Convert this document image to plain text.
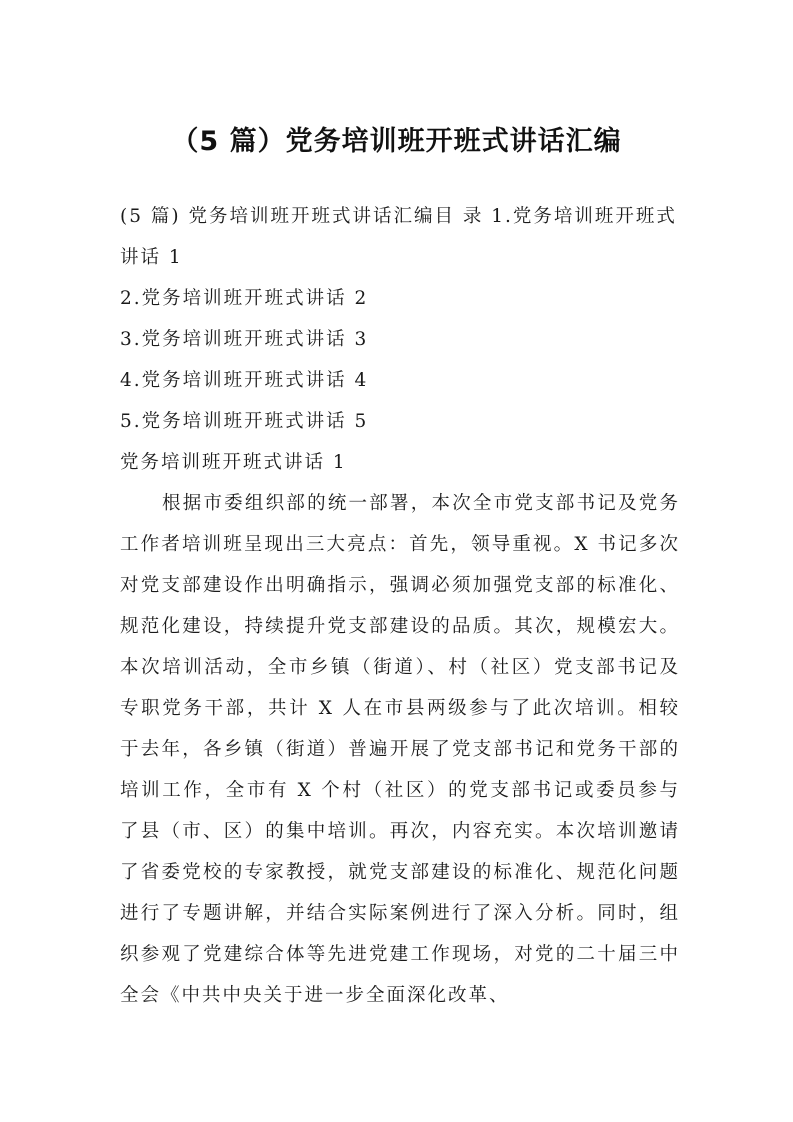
（5 篇）党务培训班开班式讲话汇编

(5 篇) 党务培训班开班式讲话汇编目 录 1.党务培训班开班式讲话 1

2.党务培训班开班式讲话 2

3.党务培训班开班式讲话 3

4.党务培训班开班式讲话 4

5.党务培训班开班式讲话 5

党务培训班开班式讲话 1

根据市委组织部的统一部署，本次全市党支部书记及党务工作者培训班呈现出三大亮点：首先，领导重视。X 书记多次对党支部建设作出明确指示，强调必须加强党支部的标准化、规范化建设，持续提升党支部建设的品质。其次，规模宏大。本次培训活动，全市乡镇（街道）、村（社区）党支部书记及专职党务干部，共计 X 人在市县两级参与了此次培训。相较于去年，各乡镇（街道）普遍开展了党支部书记和党务干部的培训工作，全市有 X 个村（社区）的党支部书记或委员参与了县（市、区）的集中培训。再次，内容充实。本次培训邀请了省委党校的专家教授，就党支部建设的标准化、规范化问题进行了专题讲解，并结合实际案例进行了深入分析。同时，组织参观了党建综合体等先进党建工作现场，对党的二十届三中全会《中共中央关于进一步全面深化改革、
